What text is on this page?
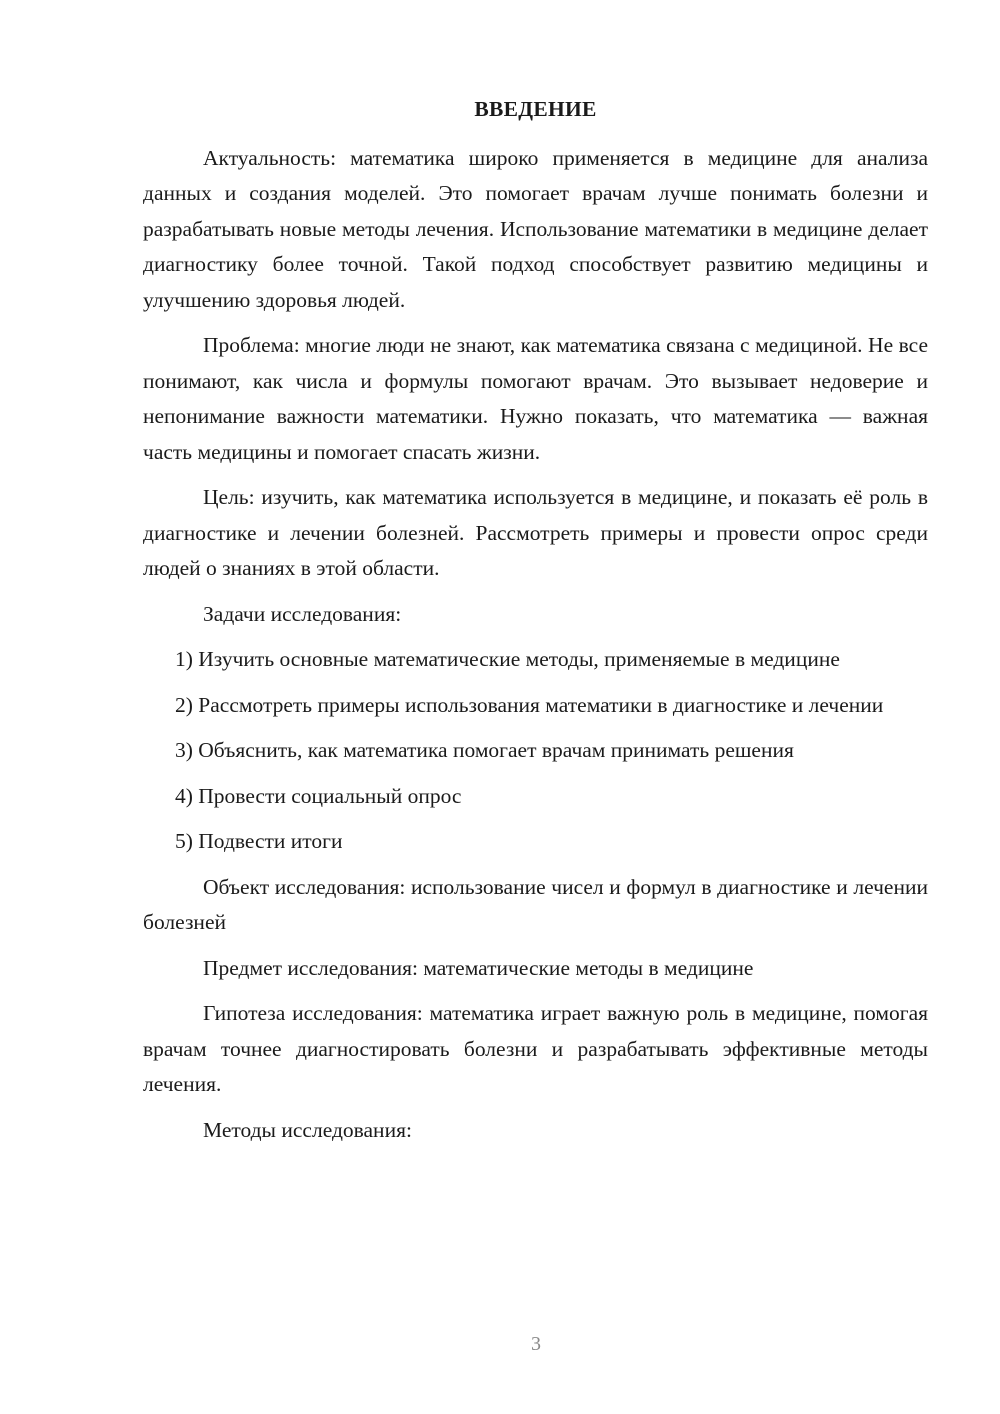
ВВЕДЕНИЕ

Актуальность: математика широко применяется в медицине для анализа данных и создания моделей. Это помогает врачам лучше понимать болезни и разрабатывать новые методы лечения. Использование математики в медицине делает диагностику более точной. Такой подход способствует развитию медицины и улучшению здоровья людей.

Проблема: многие люди не знают, как математика связана с медициной. Не все понимают, как числа и формулы помогают врачам. Это вызывает недоверие и непонимание важности математики. Нужно показать, что математика — важная часть медицины и помогает спасать жизни.

Цель: изучить, как математика используется в медицине, и показать её роль в диагностике и лечении болезней. Рассмотреть примеры и провести опрос среди людей о знаниях в этой области.

Задачи исследования:

1) Изучить основные математические методы, применяемые в медицине

2) Рассмотреть примеры использования математики в диагностике и лечении

3) Объяснить, как математика помогает врачам принимать решения

4) Провести социальный опрос

5) Подвести итоги

Объект исследования: использование чисел и формул в диагностике и лечении болезней

Предмет исследования: математические методы в медицине

Гипотеза исследования: математика играет важную роль в медицине, помогая врачам точнее диагностировать болезни и разрабатывать эффективные методы лечения.

Методы исследования:

3
